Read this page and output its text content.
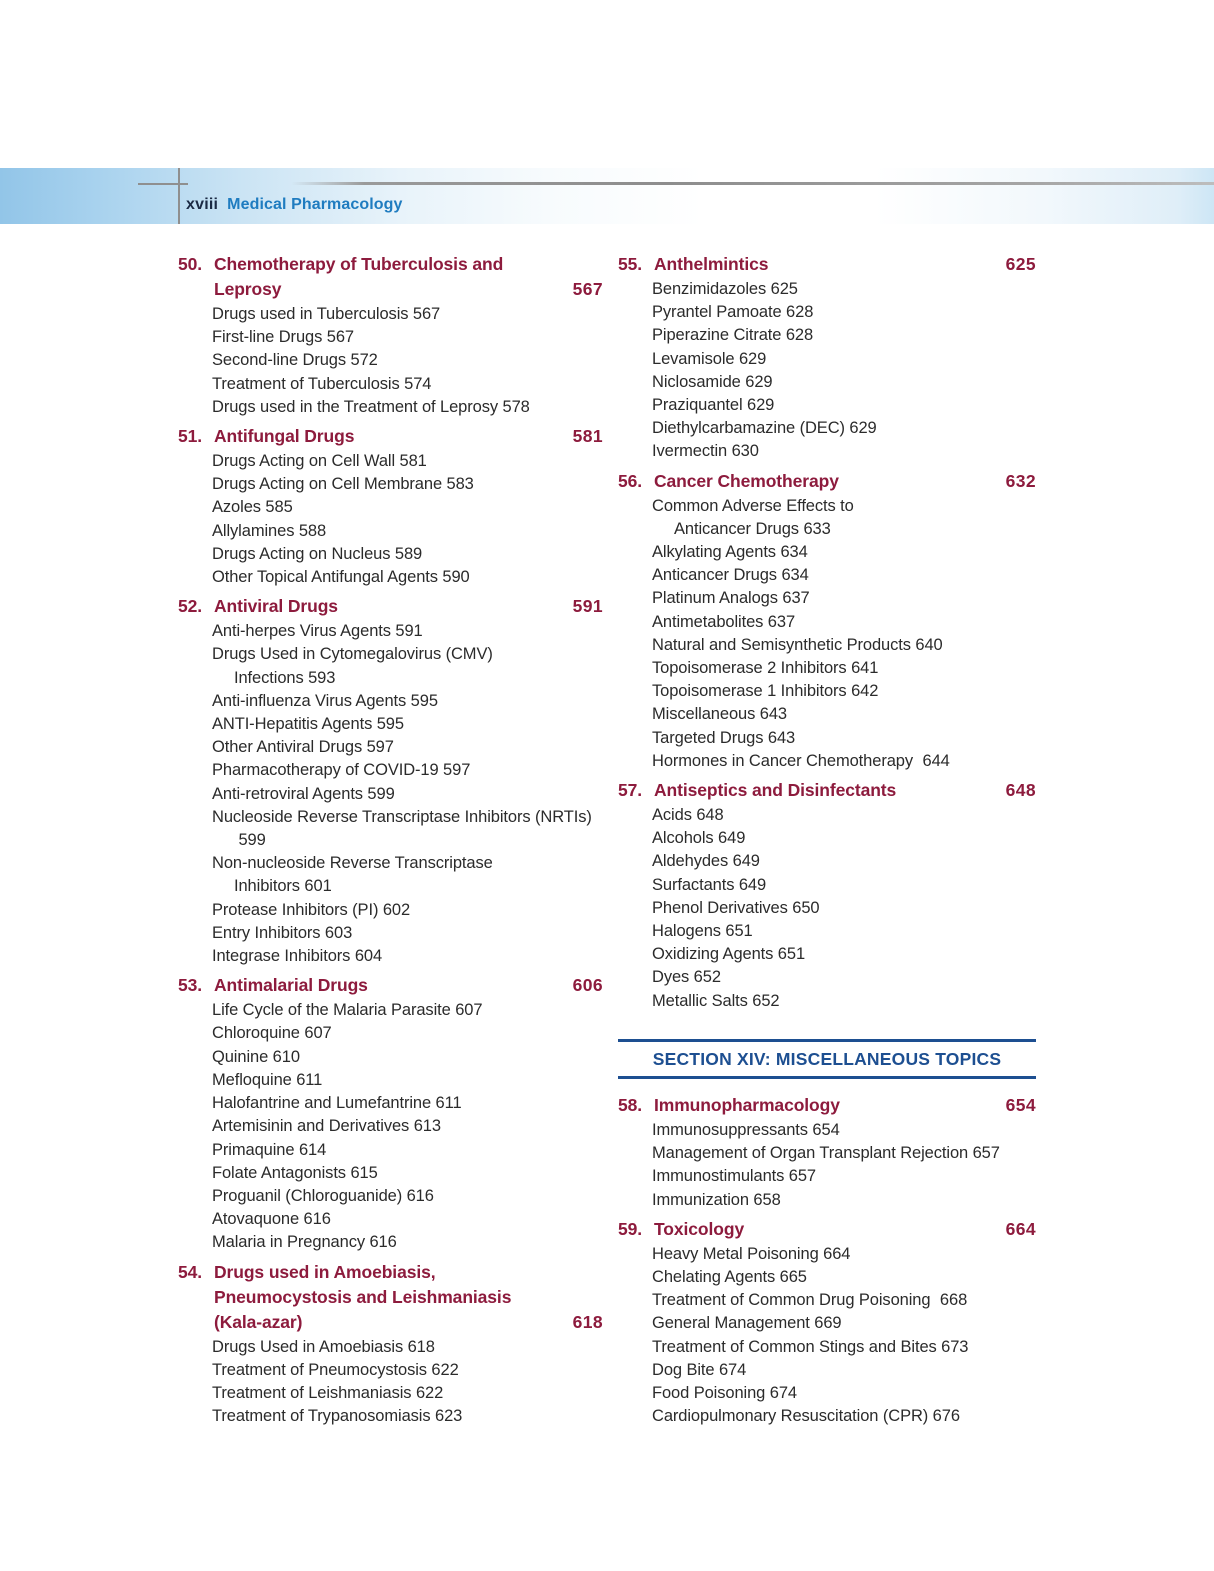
xviii Medical Pharmacology
50. Chemotherapy of Tuberculosis and Leprosy	567
Drugs used in Tuberculosis 567
First-line Drugs 567
Second-line Drugs 572
Treatment of Tuberculosis 574
Drugs used in the Treatment of Leprosy 578
51. Antifungal Drugs	581
Drugs Acting on Cell Wall 581
Drugs Acting on Cell Membrane 583
Azoles 585
Allylamines 588
Drugs Acting on Nucleus 589
Other Topical Antifungal Agents 590
52. Antiviral Drugs	591
Anti-herpes Virus Agents 591
Drugs Used in Cytomegalovirus (CMV)
Infections 593
Anti-influenza Virus Agents 595
ANTI-Hepatitis Agents 595
Other Antiviral Drugs 597
Pharmacotherapy of COVID-19 597
Anti-retroviral Agents 599
Nucleoside Reverse Transcriptase Inhibitors (NRTIs)
599
Non-nucleoside Reverse Transcriptase
Inhibitors 601
Protease Inhibitors (PI) 602
Entry Inhibitors 603
Integrase Inhibitors 604
53. Antimalarial Drugs	606
Life Cycle of the Malaria Parasite 607
Chloroquine 607
Quinine 610
Mefloquine 611
Halofantrine and Lumefantrine 611
Artemisinin and Derivatives 613
Primaquine 614
Folate Antagonists 615
Proguanil (Chloroguanide) 616
Atovaquone 616
Malaria in Pregnancy 616
54. Drugs used in Amoebiasis, Pneumocystosis and Leishmaniasis (Kala-azar)	618
Drugs Used in Amoebiasis 618
Treatment of Pneumocystosis 622
Treatment of Leishmaniasis 622
Treatment of Trypanosomiasis 623
55. Anthelmintics	625
Benzimidazoles 625
Pyrantel Pamoate 628
Piperazine Citrate 628
Levamisole 629
Niclosamide 629
Praziquantel 629
Diethylcarbamazine (DEC) 629
Ivermectin 630
56. Cancer Chemotherapy	632
Common Adverse Effects to
Anticancer Drugs 633
Alkylating Agents 634
Anticancer Drugs 634
Platinum Analogs 637
Antimetabolites 637
Natural and Semisynthetic Products 640
Topoisomerase 2 Inhibitors 641
Topoisomerase 1 Inhibitors 642
Miscellaneous 643
Targeted Drugs 643
Hormones in Cancer Chemotherapy 644
57. Antiseptics and Disinfectants	648
Acids 648
Alcohols 649
Aldehydes 649
Surfactants 649
Phenol Derivatives 650
Halogens 651
Oxidizing Agents 651
Dyes 652
Metallic Salts 652
SECTION XIV: MISCELLANEOUS TOPICS
58. Immunopharmacology	654
Immunosuppressants 654
Management of Organ Transplant Rejection 657
Immunostimulants 657
Immunization 658
59. Toxicology	664
Heavy Metal Poisoning 664
Chelating Agents 665
Treatment of Common Drug Poisoning 668
General Management 669
Treatment of Common Stings and Bites 673
Dog Bite 674
Food Poisoning 674
Cardiopulmonary Resuscitation (CPR) 676
